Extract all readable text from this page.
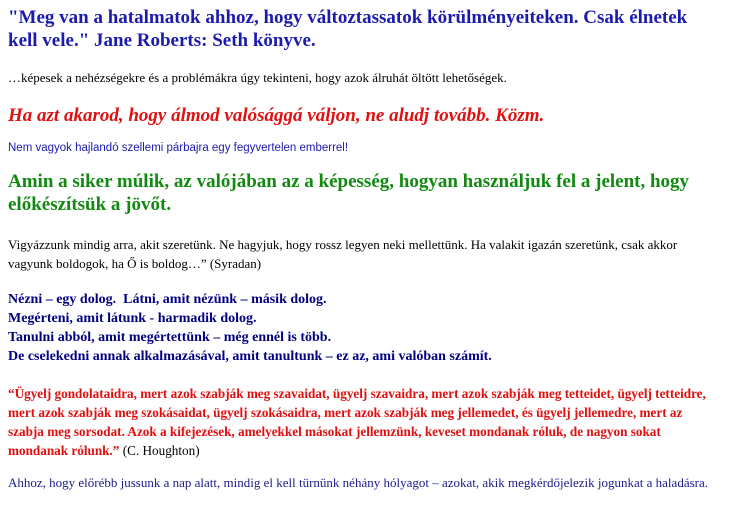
"Meg van a hatalmatok ahhoz, hogy változtassatok körülményeiteken. Csak élnetek kell vele." Jane Roberts: Seth könyve.

…képesek a nehézségekre és a problémákra úgy tekinteni, hogy azok álruhát öltött lehetőségek.

Ha azt akarod, hogy álmod valósággá váljon, ne aludj tovább. Közm.

Nem vagyok hajlandó szellemi párbajra egy fegyvertelen emberrel!

Amin a siker múlik, az valójában az a képesség, hogyan használjuk fel a jelent, hogy előkészítsük a jövőt.

Vigyázzunk mindig arra, akit szeretünk. Ne hagyjuk, hogy rossz legyen neki mellettünk. Ha valakit igazán szeretünk, csak akkor vagyunk boldogok, ha Ő is boldog…” (Syradan)

Nézni – egy dolog.  Látni, amit nézünk – másik dolog.
Megérteni, amit látunk - harmadik dolog.
Tanulni abból, amit megértettünk – még ennél is több.
De cselekedni annak alkalmazásával, amit tanultunk – ez az, ami valóban számít.

“Ügyelj gondolataidra, mert azok szabják meg szavaidat, ügyelj szavaidra, mert azok szabják meg tetteidet, ügyelj tetteidre, mert azok szabják meg szokásaidat, ügyelj szokásaidra, mert azok szabják meg jellemedet, és ügyelj jellemedre, mert az szabja meg sorsodat. Azok a kifejezések, amelyekkel másokat jellemzünk, keveset mondanak róluk, de nagyon sokat mondanak rólunk.” (C. Houghton)

Ahhoz, hogy előrébb jussunk a nap alatt, mindig el kell türnünk néhány hólyagot – azokat, akik megkérdőjelezik jogunkat a haladásra.
